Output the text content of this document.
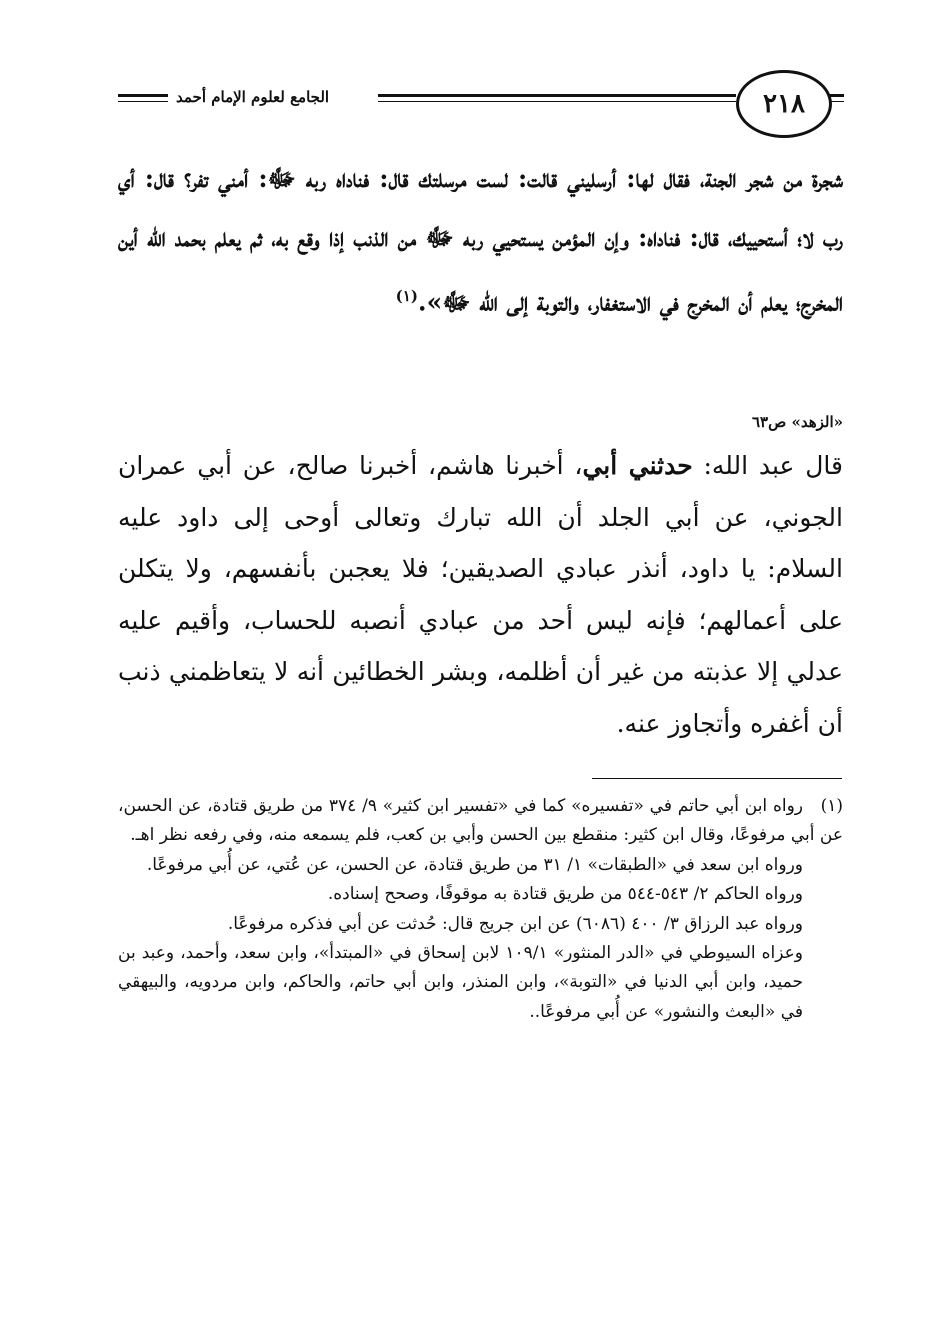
الجامع لعلوم الإمام أحمد	٢١٨

شجرة من شجر الجنة، فقال لها: أرسليني قالت: لست مرسلتك قال: فناداه ربه ﷻ: أمني تفر؟ قال: أي رب لا؛ أستحييك، قال: فناداه: وإن المؤمن يستحيي ربه ﷻ من الذنب إذا وقع به، ثم يعلم بحمد الله أين المخرج؛ يعلم أن المخرج في الاستغفار، والتوبة إلى الله ﷻ».$^{(١)}$

«الزهد» ص٦٣

قال عبد الله: حدثني أبي، أخبرنا هاشم، أخبرنا صالح، عن أبي عمران الجوني، عن أبي الجلد أن الله تبارك وتعالى أوحى إلى داود عليه السلام: يا داود، أنذر عبادي الصديقين؛ فلا يعجبن بأنفسهم، ولا يتكلن على أعمالهم؛ فإنه ليس أحد من عبادي أنصبه للحساب، وأقيم عليه عدلي إلا عذبته من غير أن أظلمه، وبشر الخطائين أنه لا يتعاظمني ذنب أن أغفره وأتجاوز عنه.

(١)رواه ابن أبي حاتم في «تفسيره» كما في «تفسير ابن كثير» ٩/ ٣٧٤ من طريق قتادة، عن الحسن، عن أبي مرفوعًا، وقال ابن كثير: منقطع بين الحسن وأبي بن كعب، فلم يسمعه منه، وفي رفعه نظر اهـ.

ورواه ابن سعد في «الطبقات» ١/ ٣١ من طريق قتادة، عن الحسن، عن عُتي، عن أُبي مرفوعًا.

ورواه الحاكم ٢/ ٥٤٣-٥٤٤ من طريق قتادة به موقوفًا، وصحح إسناده.

ورواه عبد الرزاق ٣/ ٤٠٠ (٦٠٨٦) عن ابن جريج قال: حُدثت عن أبي فذكره مرفوعًا.

وعزاه السيوطي في «الدر المنثور» ١٠٩/١ لابن إسحاق في «المبتدأ»، وابن سعد، وأحمد، وعبد بن حميد، وابن أبي الدنيا في «التوبة»، وابن المنذر، وابن أبي حاتم، والحاكم، وابن مردويه، والبيهقي في «البعث والنشور» عن أُبي مرفوعًا..
